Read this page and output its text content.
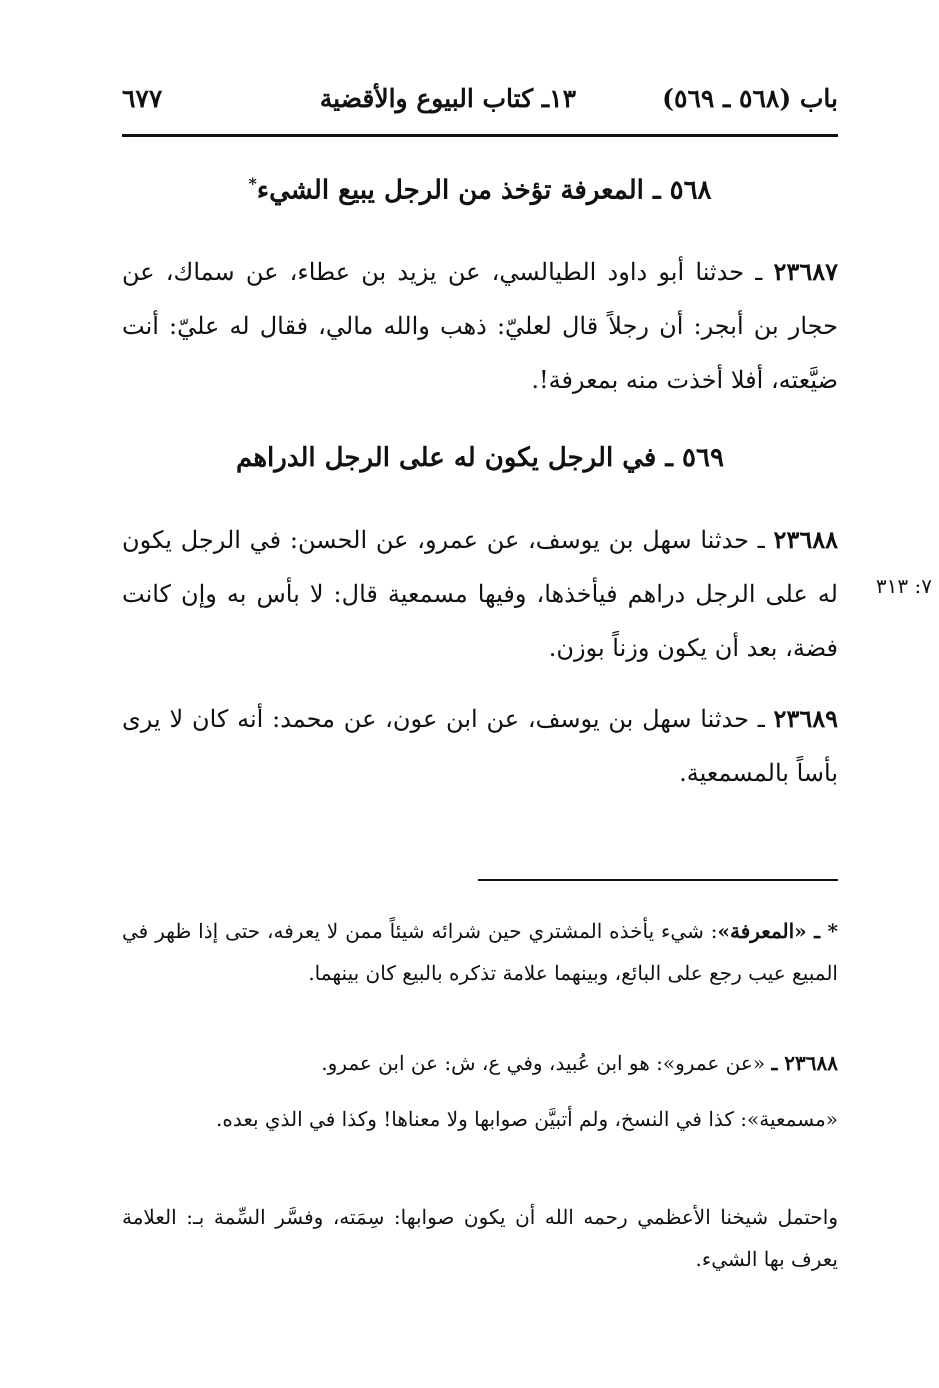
باب (٥٦٨ ـ ٥٦٩)
١٣ـ كتاب البيوع والأقضية
٦٧٧
٥٦٨ ـ المعرفة تؤخذ من الرجل يبيع الشيء*
٢٣٦٨٧ ـ حدثنا أبو داود الطيالسي، عن يزيد بن عطاء، عن سماك، عن حجار بن أبجر: أن رجلاً قال لعليّ: ذهب والله مالي، فقال له عليّ: أنت ضيَّعته، أفلا أخذت منه بمعرفة!.
٥٦٩ ـ في الرجل يكون له على الرجل الدراهم
٢٣٦٨٨ ـ حدثنا سهل بن يوسف، عن عمرو، عن الحسن: في الرجل يكون له على الرجل دراهم فيأخذها، وفيها مسمعية قال: لا بأس به وإن كانت فضة، بعد أن يكون وزناً بوزن.
٧: ٣١٣
٢٣٦٨٩ ـ حدثنا سهل بن يوسف، عن ابن عون، عن محمد: أنه كان لا يرى بأساً بالمسمعية.
* ـ «المعرفة»: شيء يأخذه المشتري حين شرائه شيئاً ممن لا يعرفه، حتى إذا ظهر في المبيع عيب رجع على البائع، وبينهما علامة تذكره بالبيع كان بينهما.
٢٣٦٨٨ ـ «عن عمرو»: هو ابن عُبيد، وفي ع، ش: عن ابن عمرو.
«مسمعية»: كذا في النسخ، ولم أتبيَّن صوابها ولا معناها! وكذا في الذي بعده.
واحتمل شيخنا الأعظمي رحمه الله أن يكون صوابها: سِمَته، وفسَّر السِّمة بـ: العلامة يعرف بها الشيء.
